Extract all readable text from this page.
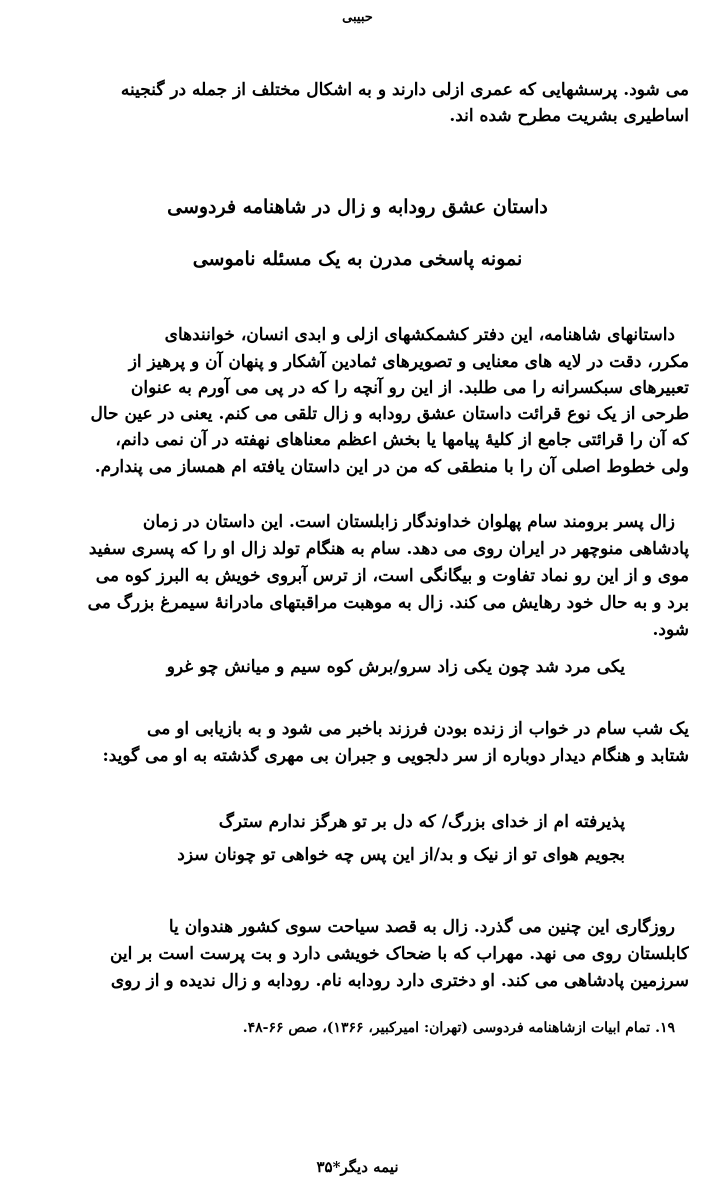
حبیبی
می شود. پرسشهایی که عمری ازلی دارند و به اشکال مختلف از جمله در گنجینه
اساطیری بشریت مطرح شده اند.
داستان عشق رودابه و زال در شاهنامه فردوسی
نمونه پاسخی مدرن به یک مسئله ناموسی
داستانهای شاهنامه، این دفتر کشمکشهای ازلی و ابدی انسان، خوانندهای
مکرر، دقت در لایه های معنایی و تصویرهای ثمادین آشکار و پنهان آن و پرهیز از
تعبیرهای سبکسرانه را می طلبد. از این رو آنچه را که در پی می آورم به عنوان
طرحی از یک نوع قرائت داستان عشق رودابه و زال تلقی می کنم. یعنی در عین حال
که آن را قرائتی جامع از کلیهٔ پیامها یا بخش اعظم معناهای نهفته در آن نمی دانم،
ولی خطوط اصلی آن را با منطقی که من در این داستان یافته ام همساز می پندارم.
زال پسر برومند سام پهلوان خداوندگار زابلستان است. این داستان در زمان
پادشاهی منوچهر در ایران روی می دهد. سام به هنگام تولد زال او را که پسری سفید
موی و از این رو نماد تفاوت و بیگانگی است، از ترس آبروی خویش به البرز کوه می
برد و به حال خود رهایش می کند. زال به موهبت مراقبتهای مادرانهٔ سیمرغ بزرگ می
شود.
یکی مرد شد چون یکی زاد سرو/برش کوه سیم و میانش چو غرو
یک شب سام در خواب از زنده بودن فرزند باخبر می شود و به بازیابی او می
شتابد و هنگام دیدار دوباره از سر دلجویی و جبران بی مهری گذشته به او می گوید:
پذیرفته ام از خدای بزرگ/ که دل بر تو هرگز ندارم سترگ
بجویم هوای تو از نیک و بد/از این پس چه خواهی تو چونان سزد
روزگاری این چنین می گذرد. زال به قصد سیاحت سوی کشور هندوان یا
کابلستان روی می نهد. مهراب که با ضحاک خویشی دارد و بت پرست است بر این
سرزمین پادشاهی می کند. او دختری دارد رودابه نام. رودابه و زال ندیده و از روی
۱۹. تمام ابیات ازشاهنامه فردوسی (تهران: امیرکبیر، ۱۳۶۶)، صص ۶۶-۴۸.
نیمه دیگر*۳۵
